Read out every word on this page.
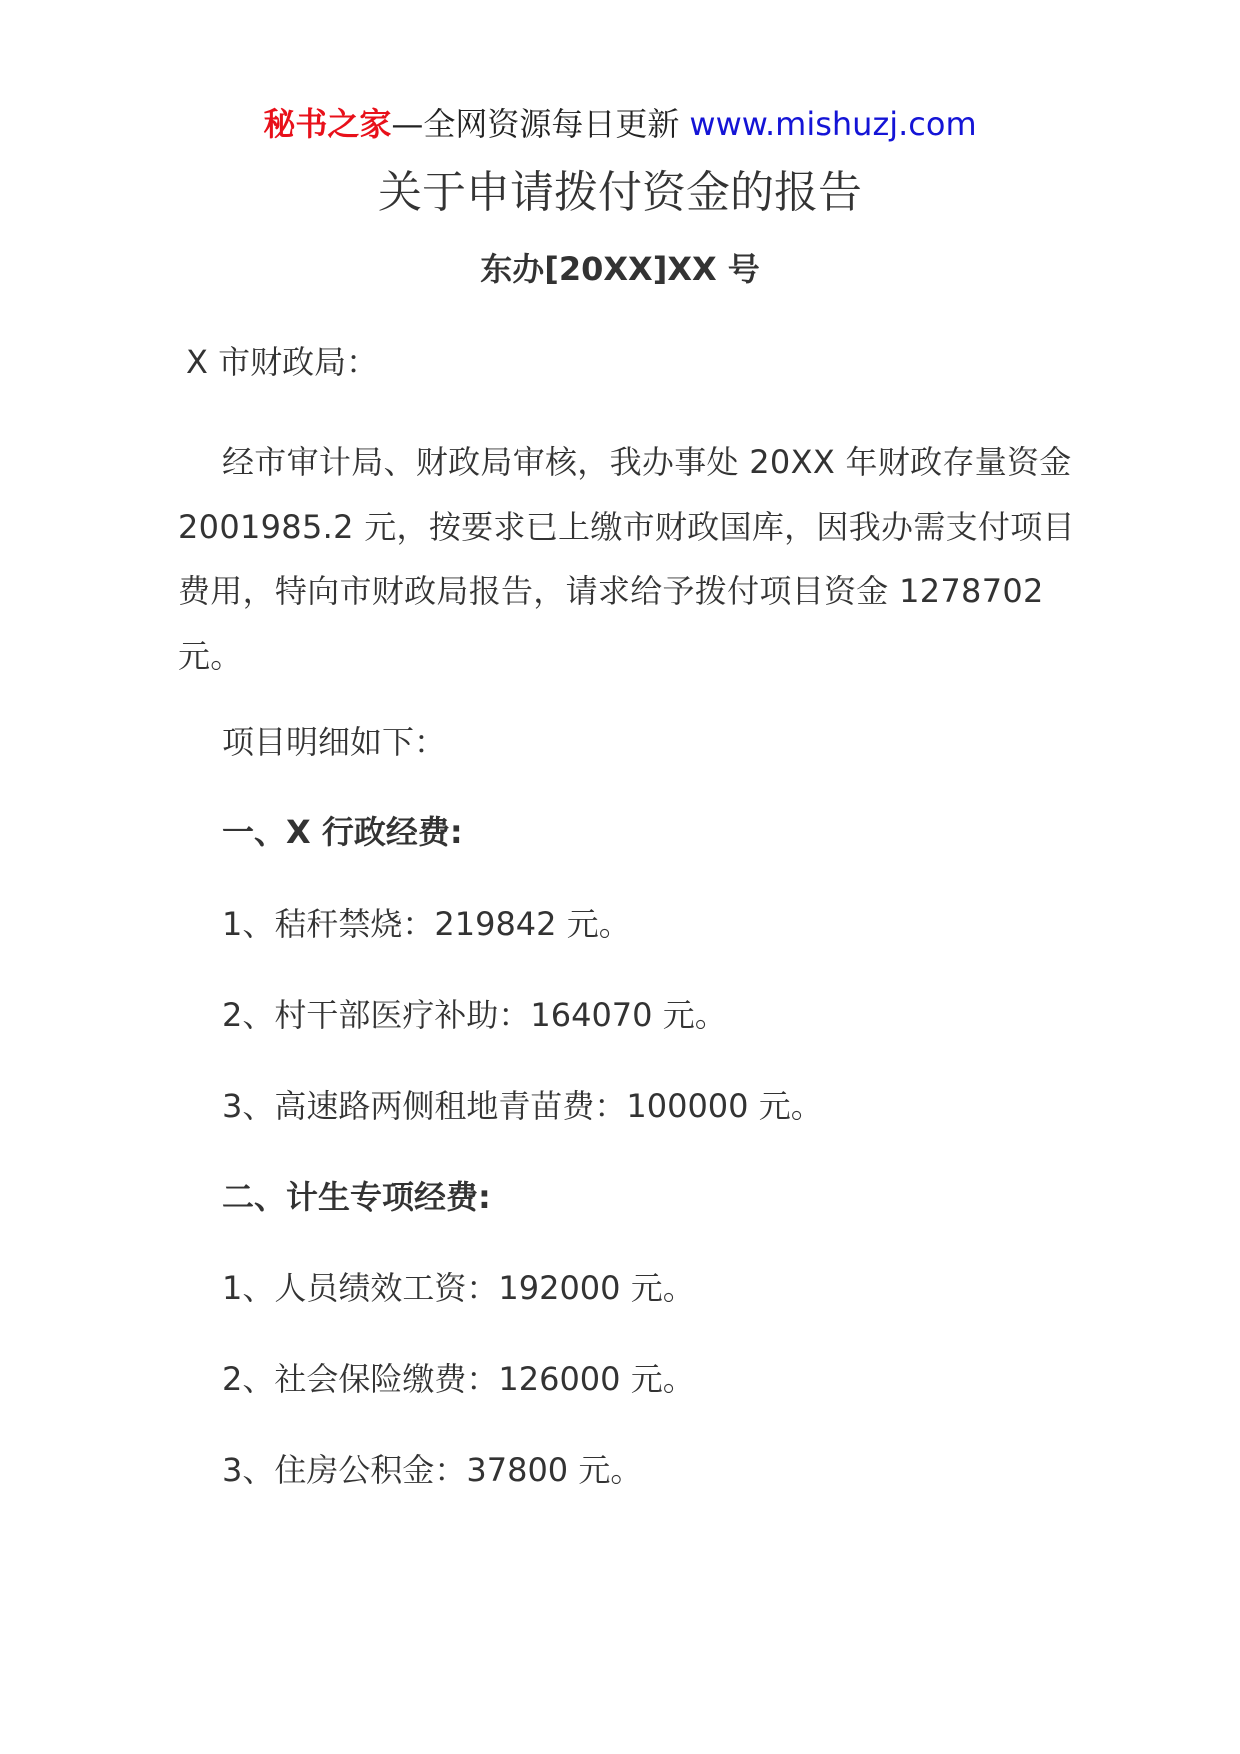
秘书之家—全网资源每日更新 www.mishuzj.com
关于申请拨付资金的报告
东办[20XX]XX 号
X 市财政局：
经市审计局、财政局审核，我办事处 20XX 年财政存量资金 2001985.2 元，按要求已上缴市财政国库，因我办需支付项目费用，特向市财政局报告，请求给予拨付项目资金 1278702 元。
项目明细如下：
一、X 行政经费:
1、秸秆禁烧：219842 元。
2、村干部医疗补助：164070 元。
3、高速路两侧租地青苗费：100000 元。
二、计生专项经费:
1、人员绩效工资：192000 元。
2、社会保险缴费：126000 元。
3、住房公积金：37800 元。
